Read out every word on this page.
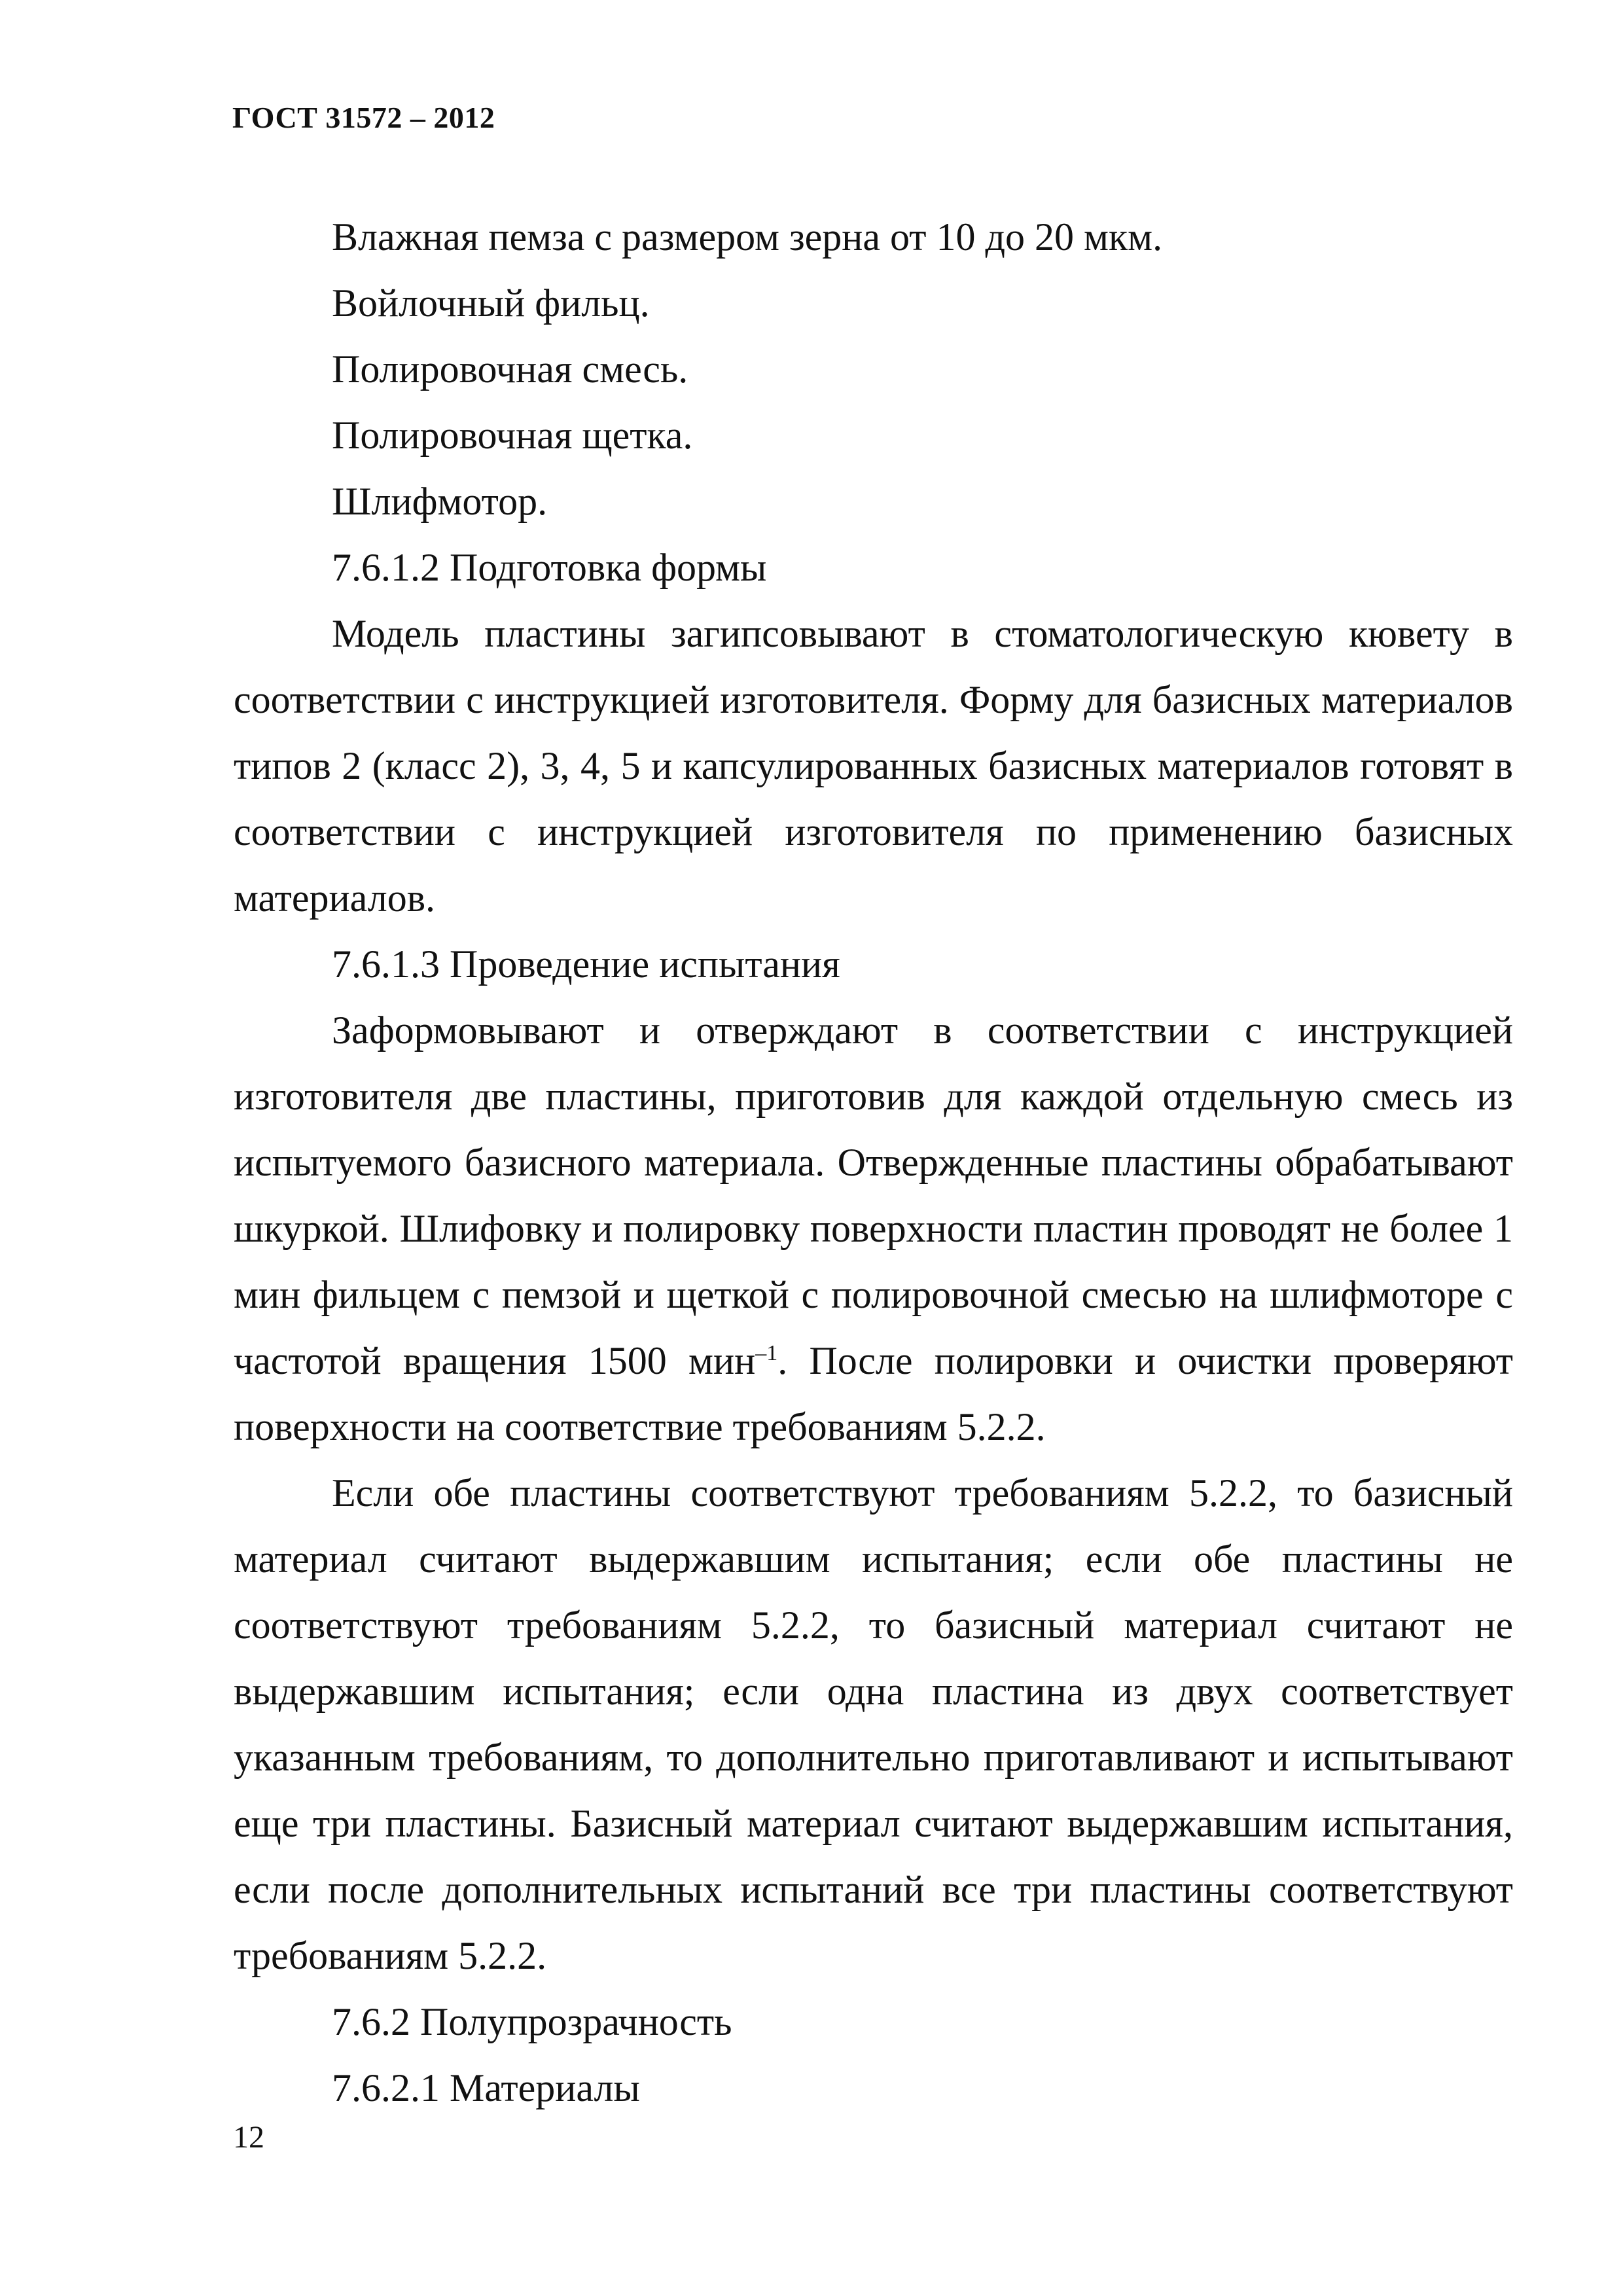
ГОСТ 31572 – 2012

Влажная пемза с размером зерна от 10 до 20 мкм.

Войлочный фильц.

Полировочная смесь.

Полировочная щетка.

Шлифмотор.

7.6.1.2 Подготовка формы

Модель пластины загипсовывают в стоматологическую кювету в соответствии с инструкцией изготовителя. Форму для базисных материалов типов 2 (класс 2), 3, 4, 5 и капсулированных базисных материалов готовят в соответствии с инструкцией изготовителя по применению базисных материалов.

7.6.1.3 Проведение испытания

Заформовывают и отверждают в соответствии с инструкцией изготовителя две пластины, приготовив для каждой отдельную смесь из испытуемого базисного материала. Отвержденные пластины обрабатывают шкуркой. Шлифовку и полировку поверхности пластин проводят не более 1 мин фильцем с пемзой и щеткой с полировочной смесью на шлифмоторе с частотой вращения 1500 мин$^{-1}$. После полировки и очистки проверяют поверхности на соответствие требованиям 5.2.2.

Если обе пластины соответствуют требованиям 5.2.2, то базисный материал считают выдержавшим испытания; если обе пластины не соответствуют требованиям 5.2.2, то базисный материал считают не выдержавшим испытания; если одна пластина из двух соответствует указанным требованиям, то дополнительно приготавливают и испытывают еще три пластины. Базисный материал считают выдержавшим испытания, если после дополнительных испытаний все три пластины соответствуют требованиям 5.2.2.

7.6.2 Полупрозрачность

7.6.2.1 Материалы

12
